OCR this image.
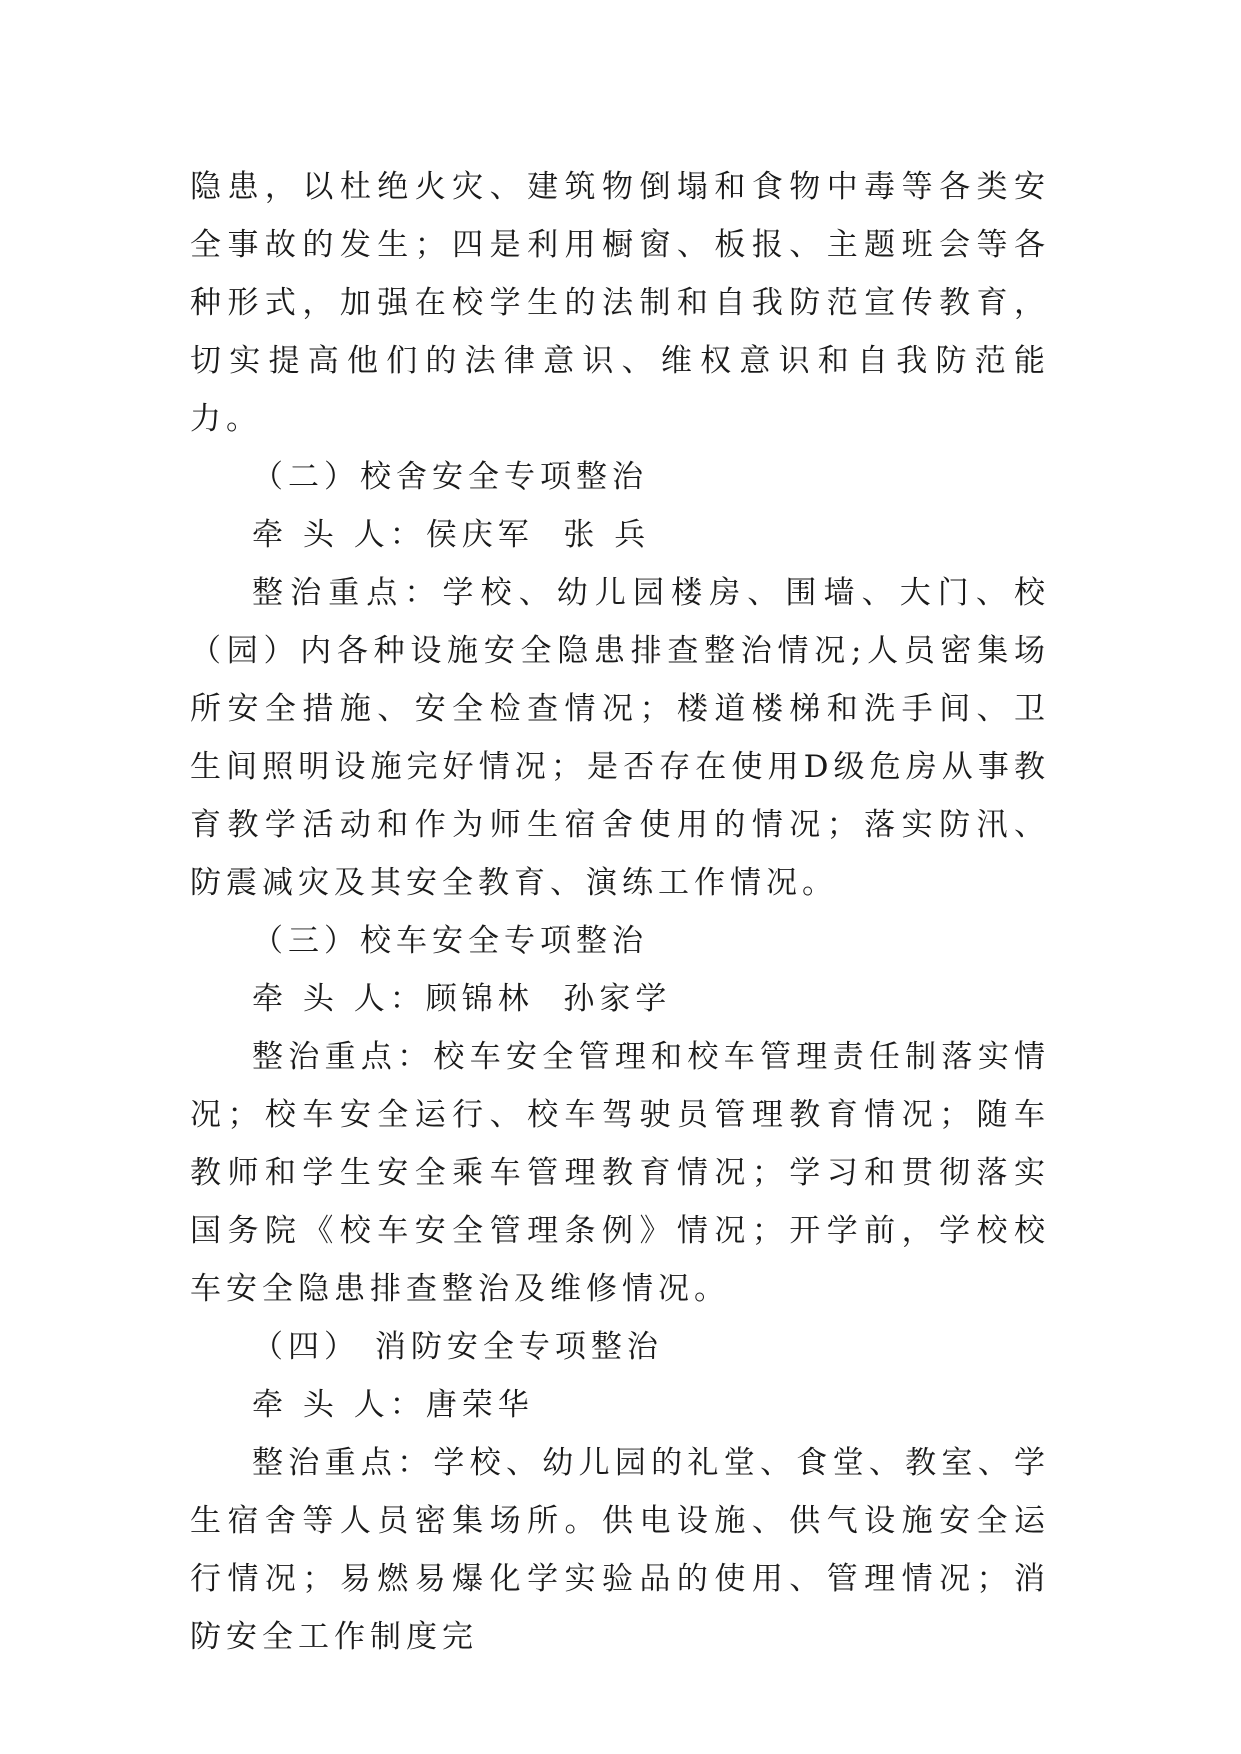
隐患，以杜绝火灾、建筑物倒塌和食物中毒等各类安全事故的发生；四是利用橱窗、板报、主题班会等各种形式，加强在校学生的法制和自我防范宣传教育，切实提高他们的法律意识、维权意识和自我防范能力。

（二）校舍安全专项整治

牵 头 人：侯庆军  张 兵

整治重点：学校、幼儿园楼房、围墙、大门、校（园）内各种设施安全隐患排查整治情况;人员密集场所安全措施、安全检查情况；楼道楼梯和洗手间、卫生间照明设施完好情况；是否存在使用D级危房从事教育教学活动和作为师生宿舍使用的情况；落实防汛、防震减灾及其安全教育、演练工作情况。

（三）校车安全专项整治

牵 头 人：顾锦林  孙家学

整治重点：校车安全管理和校车管理责任制落实情况；校车安全运行、校车驾驶员管理教育情况；随车教师和学生安全乘车管理教育情况；学习和贯彻落实国务院《校车安全管理条例》情况；开学前，学校校车安全隐患排查整治及维修情况。

（四） 消防安全专项整治

牵 头 人：唐荣华

整治重点：学校、幼儿园的礼堂、食堂、教室、学生宿舍等人员密集场所。供电设施、供气设施安全运行情况；易燃易爆化学实验品的使用、管理情况；消防安全工作制度完
